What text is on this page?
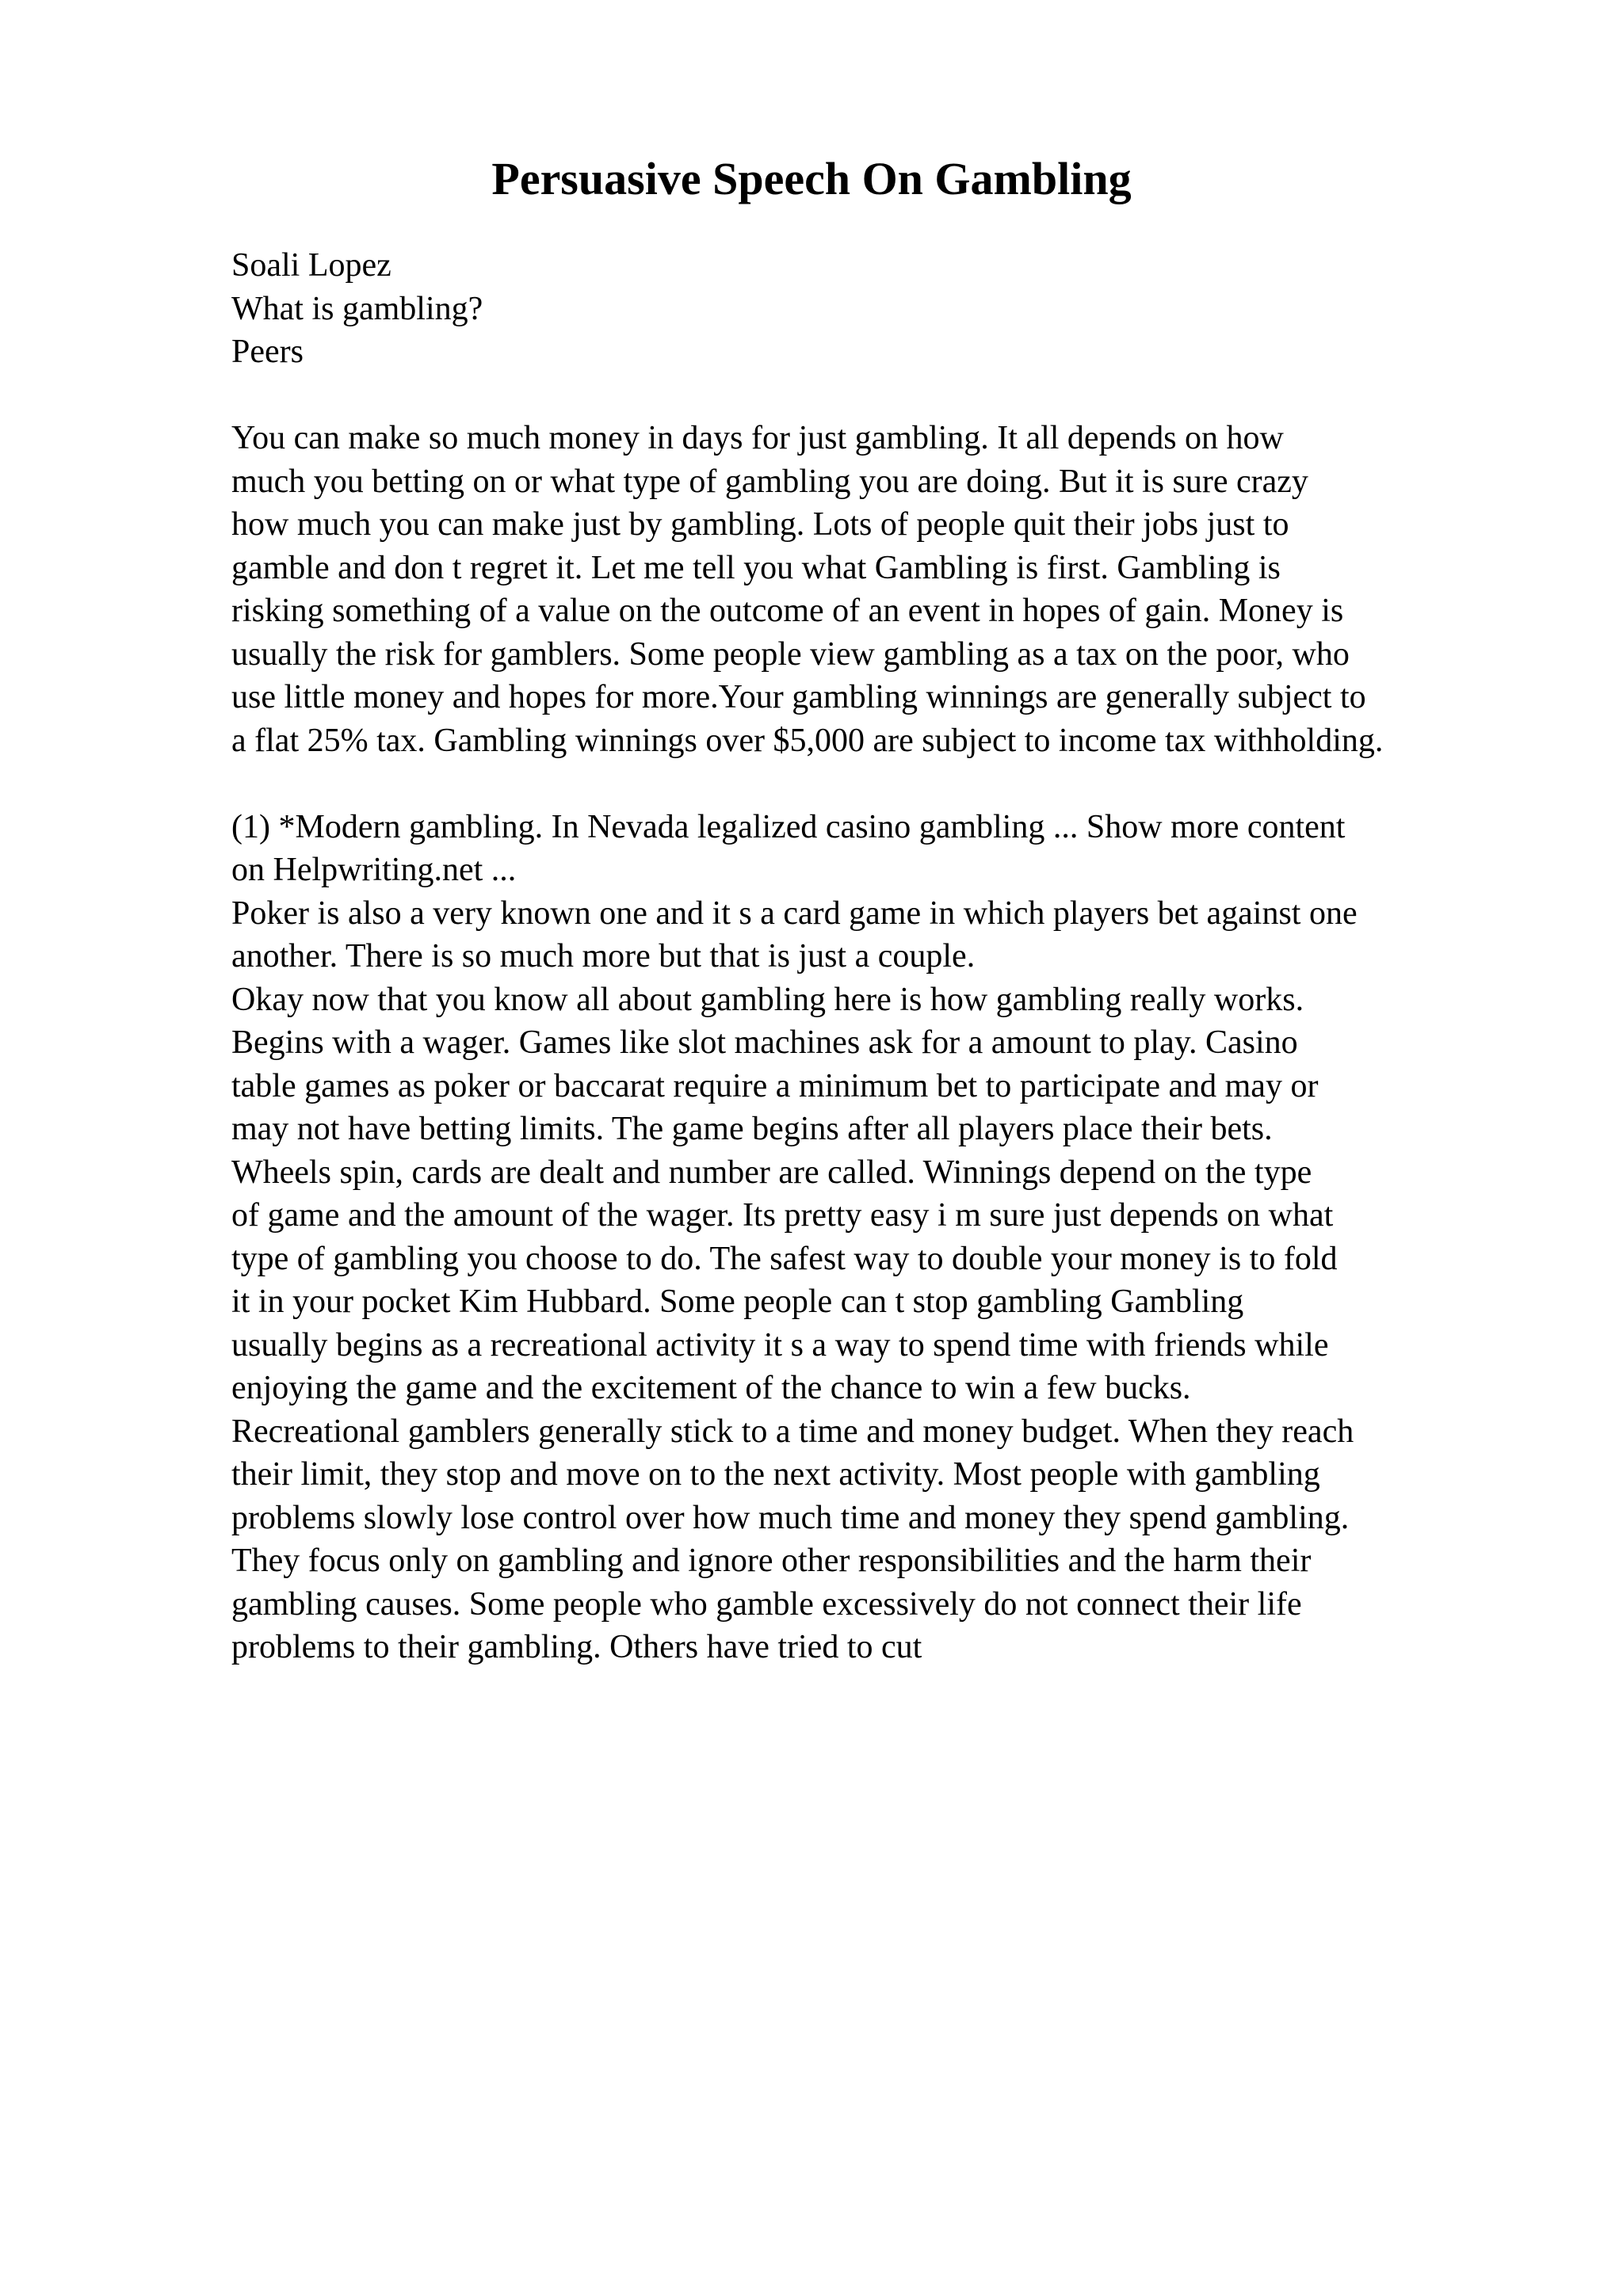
Persuasive Speech On Gambling
Soali Lopez
What is gambling?
Peers
You can make so much money in days for just gambling. It all depends on how
much you betting on or what type of gambling you are doing. But it is sure crazy
how much you can make just by gambling. Lots of people quit their jobs just to
gamble and don t regret it. Let me tell you what Gambling is first. Gambling is
risking something of a value on the outcome of an event in hopes of gain. Money is
usually the risk for gamblers. Some people view gambling as a tax on the poor, who
use little money and hopes for more.Your gambling winnings are generally subject to
a flat 25% tax. Gambling winnings over $5,000 are subject to income tax withholding.
(1) *Modern gambling. In Nevada legalized casino gambling ... Show more content
on Helpwriting.net ...
Poker is also a very known one and it s a card game in which players bet against one
another. There is so much more but that is just a couple.
Okay now that you know all about gambling here is how gambling really works.
Begins with a wager. Games like slot machines ask for a amount to play. Casino
table games as poker or baccarat require a minimum bet to participate and may or
may not have betting limits. The game begins after all players place their bets.
Wheels spin, cards are dealt and number are called. Winnings depend on the type
of game and the amount of the wager. Its pretty easy i m sure just depends on what
type of gambling you choose to do. The safest way to double your money is to fold
it in your pocket Kim Hubbard. Some people can t stop gambling Gambling
usually begins as a recreational activity it s a way to spend time with friends while
enjoying the game and the excitement of the chance to win a few bucks.
Recreational gamblers generally stick to a time and money budget. When they reach
their limit, they stop and move on to the next activity. Most people with gambling
problems slowly lose control over how much time and money they spend gambling.
They focus only on gambling and ignore other responsibilities and the harm their
gambling causes. Some people who gamble excessively do not connect their life
problems to their gambling. Others have tried to cut
